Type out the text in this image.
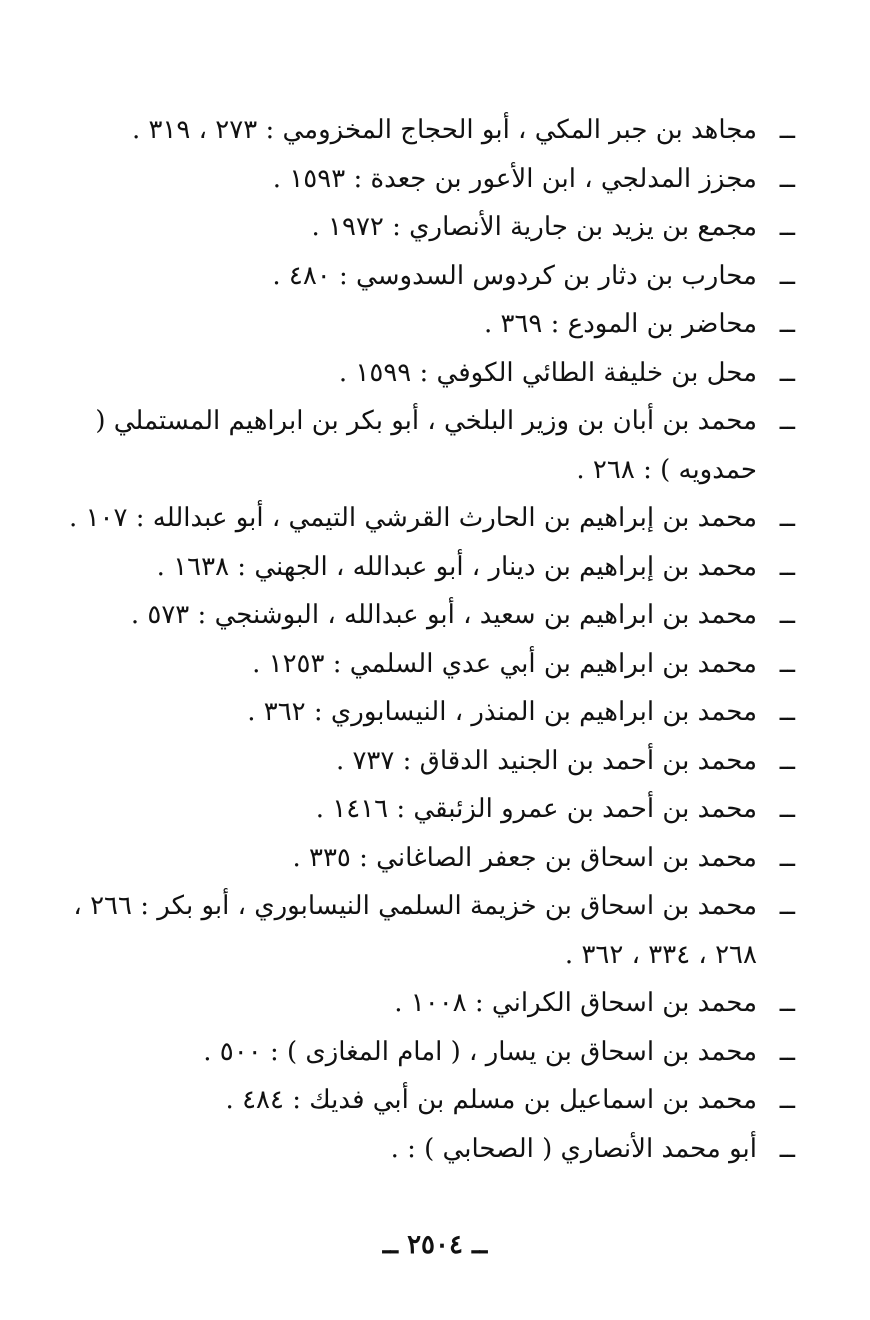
ــ
مجاهد بن جبر المكي ، أبو الحجاج المخزومي : ٢٧٣ ، ٣١٩ .
ــ
مجزز المدلجي ، ابن الأعور بن جعدة : ١٥٩٣ .
ــ
مجمع بن يزيد بن جارية الأنصاري : ١٩٧٢ .
ــ
محارب بن دثار بن كردوس السدوسي : ٤٨٠ .
ــ
محاضر بن المودع : ٣٦٩ .
ــ
محل بن خليفة الطائي الكوفي : ١٥٩٩ .
ــ
محمد بن أبان بن وزير البلخي ، أبو بكر بن ابراهيم المستملي ( حمدويه ) : ٢٦٨ .
ــ
محمد بن إبراهيم بن الحارث القرشي التيمي ، أبو عبدالله : ١٠٧ .
ــ
محمد بن إبراهيم بن دينار ، أبو عبدالله ، الجهني : ١٦٣٨ .
ــ
محمد بن ابراهيم بن سعيد ، أبو عبدالله ، البوشنجي : ٥٧٣ .
ــ
محمد بن ابراهيم بن أبي عدي السلمي : ١٢٥٣ .
ــ
محمد بن ابراهيم بن المنذر ، النيسابوري : ٣٦٢ .
ــ
محمد بن أحمد بن الجنيد الدقاق : ٧٣٧ .
ــ
محمد بن أحمد بن عمرو الزئبقي : ١٤١٦ .
ــ
محمد بن اسحاق بن جعفر الصاغاني : ٣٣٥ .
ــ
محمد بن اسحاق بن خزيمة السلمي النيسابوري ، أبو بكر : ٢٦٦ ، ٢٦٨ ، ٣٣٤ ، ٣٦٢ .
ــ
محمد بن اسحاق الكراني : ١٠٠٨ .
ــ
محمد بن اسحاق بن يسار ، ( امام المغازى ) : ٥٠٠ .
ــ
محمد بن اسماعيل بن مسلم بن أبي فديك : ٤٨٤ .
ــ
أبو محمد الأنصاري ( الصحابي ) : .
ــ ٢٥٠٤ ــ
